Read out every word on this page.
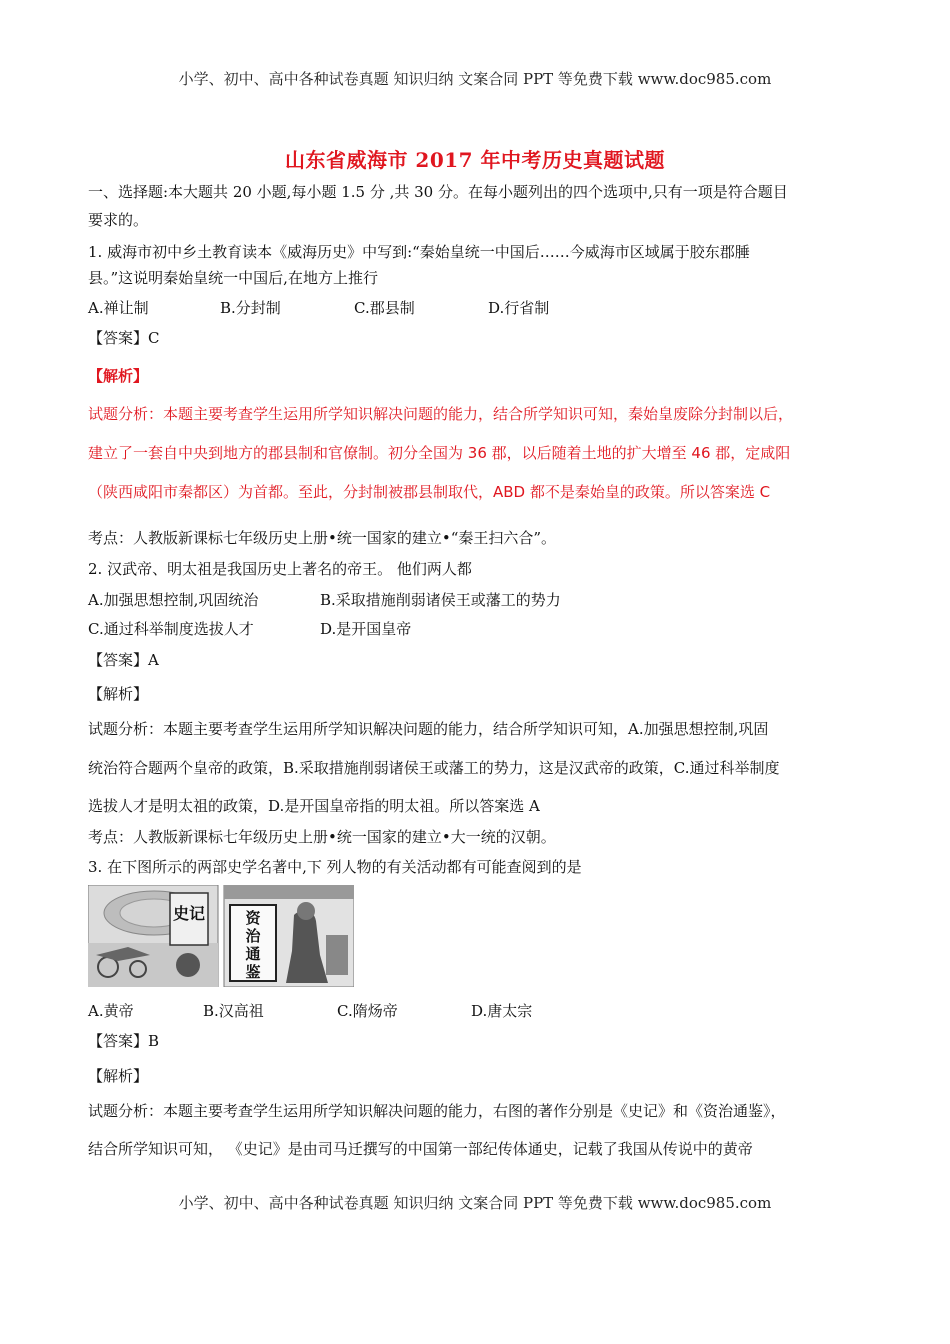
小学、初中、高中各种试卷真题 知识归纳 文案合同 PPT 等免费下载 www.doc985.com
山东省威海市 2017 年中考历史真题试题
一、选择题:本大题共 20 小题,每小题 1.5 分 ,共 30 分。在每小题列出的四个选项中,只有一项是符合题目
要求的。
1. 威海市初中乡土教育读本《威海历史》中写到:“秦始皇统一中国后……今威海市区域属于胶东郡腄
县。”这说明秦始皇统一中国后,在地方上推行
A.禅让制	B.分封制	C.郡县制	D.行省制
【答案】C
【解析】
试题分析：本题主要考查学生运用所学知识解决问题的能力，结合所学知识可知，秦始皇废除分封制以后，
建立了一套自中央到地方的郡县制和官僚制。初分全国为 36 郡，以后随着土地的扩大增至 46 郡，定咸阳
（陕西咸阳市秦都区）为首都。至此，分封制被郡县制取代，ABD 都不是秦始皇的政策。所以答案选 C
考点：人教版新课标七年级历史上册•统一国家的建立•“秦王扫六合”。
2. 汉武帝、明太祖是我国历史上著名的帝王。 他们两人都
A.加强思想控制,巩固统治	B.采取措施削弱诸侯王或藩工的势力
C.通过科举制度选拔人才	D.是开国皇帝
【答案】A
【解析】
试题分析：本题主要考查学生运用所学知识解决问题的能力，结合所学知识可知，A.加强思想控制,巩固
统治符合题两个皇帝的政策，B.采取措施削弱诸侯王或藩工的势力，这是汉武帝的政策，C.通过科举制度
选拔人才是明太祖的政策，D.是开国皇帝指的明太祖。所以答案选 A
考点：人教版新课标七年级历史上册•统一国家的建立•大一统的汉朝。
3. 在下图所示的两部史学名著中,下 列人物的有关活动都有可能查阅到的是
史记	资
治
通
鉴
A.黄帝	B.汉高祖	C.隋炀帝	D.唐太宗
【答案】B
【解析】
试题分析：本题主要考查学生运用所学知识解决问题的能力，右图的著作分别是《史记》和《资治通鉴》，
结合所学知识可知， 《史记》是由司马迁撰写的中国第一部纪传体通史，记载了我国从传说中的黄帝
小学、初中、高中各种试卷真题 知识归纳 文案合同 PPT 等免费下载 www.doc985.com
